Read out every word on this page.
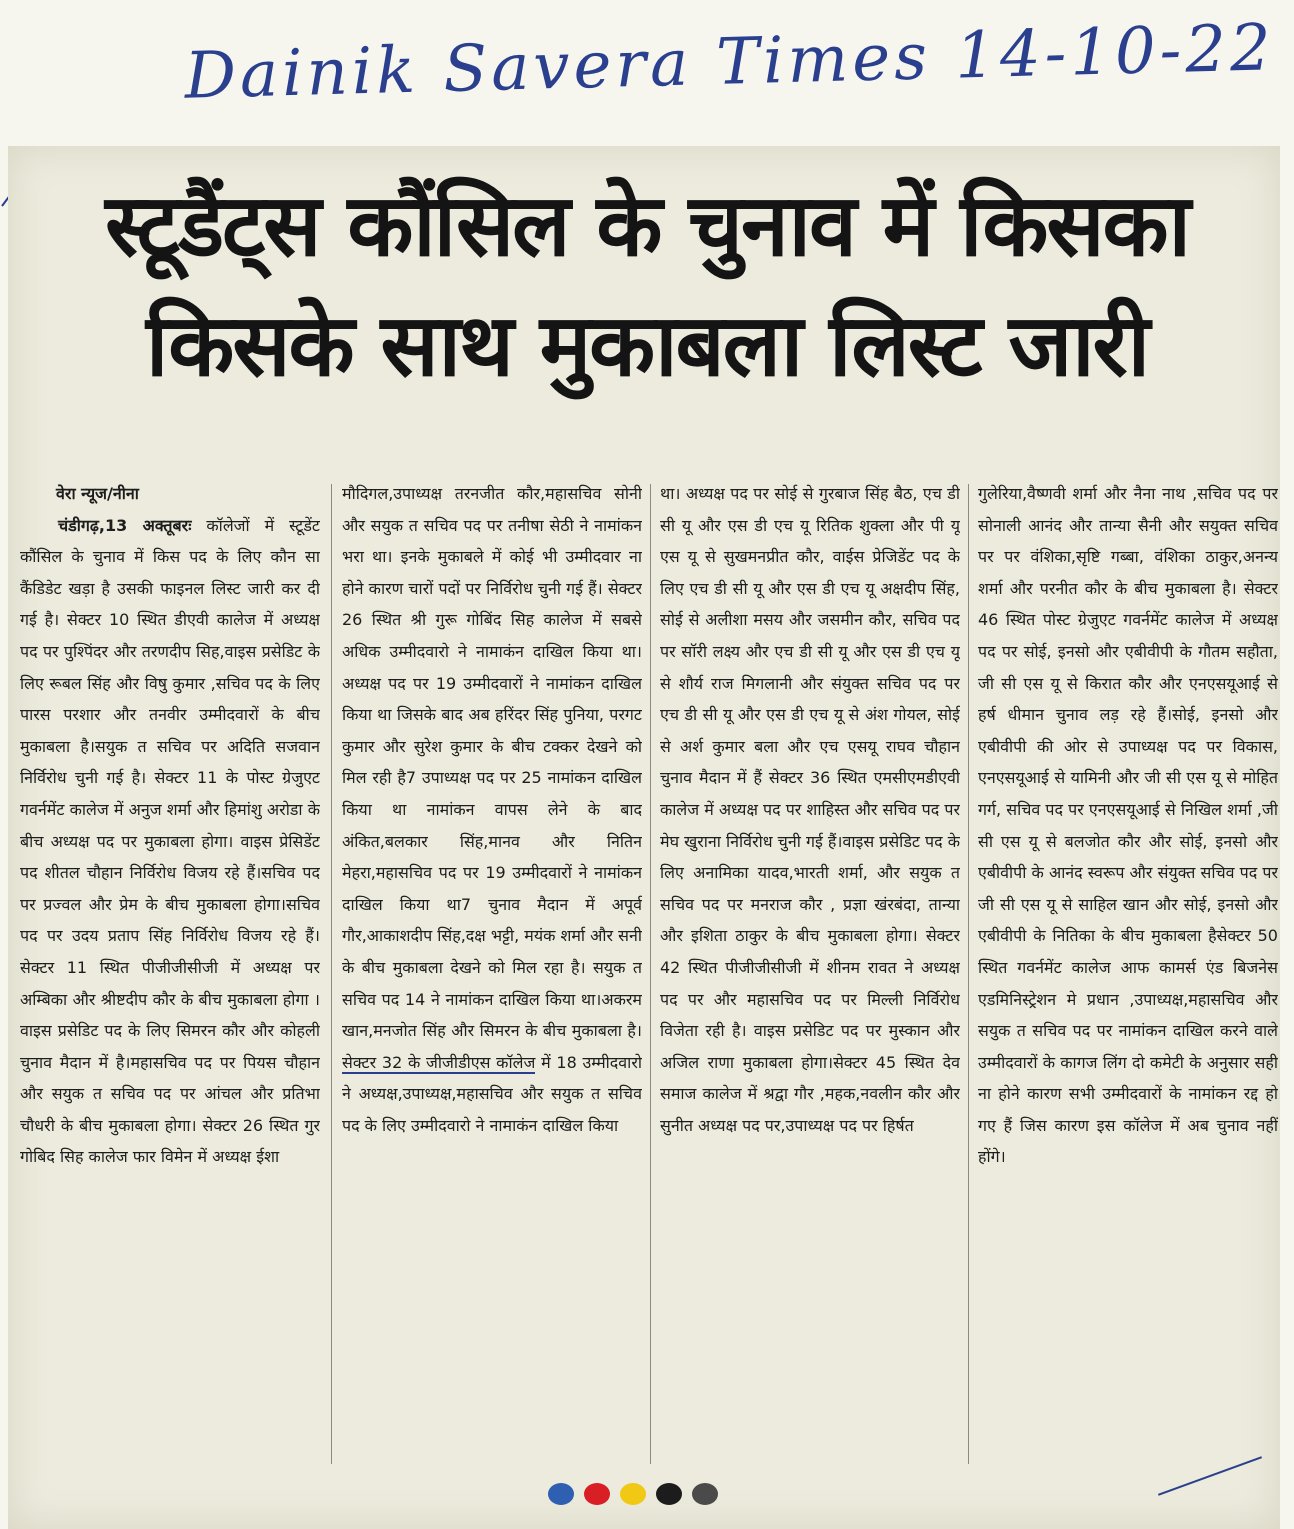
Dainik Savera Times 14-10-22
स्टूडैंट्स कौंसिल के चुनाव में किसका
किसके साथ मुकाबला लिस्ट जारी
वेरा न्यूज/नीना
चंडीगढ़,13 अक्तूबरः कॉलेजों में स्टूडेंट कौंसिल के चुनाव में किस पद के लिए कौन सा कैंडिडेट खड़ा है उसकी फाइनल लिस्ट जारी कर दी गई है। सेक्टर 10 स्थित डीएवी कालेज में अध्यक्ष पद पर पुश्पिंदर और तरणदीप सिह,वाइस प्रसेडिट के लिए रूबल सिंह और विषु कुमार ,सचिव पद के लिए पारस परशार और तनवीर उम्मीदवारों के बीच मुकाबला है।सयुक त सचिव पर अदिति सजवान निर्विरोध चुनी गई है। सेक्टर 11 के पोस्ट ग्रेजुएट गवर्नमेंट कालेज में अनुज शर्मा और हिमांशु अरोडा के बीच अध्यक्ष पद पर मुकाबला होगा। वाइस प्रेसिडेंट पद शीतल चौहान निर्विरोध विजय रहे हैं।सचिव पद पर प्रज्वल और प्रेम के बीच मुकाबला होगा।सचिव पद पर उदय प्रताप सिंह निर्विरोध विजय रहे हैं। सेक्टर 11 स्थित पीजीजीसीजी में अध्यक्ष पर अम्बिका और श्रीष्टदीप कौर के बीच मुकाबला होगा । वाइस प्रसेडिट पद के लिए सिमरन कौर और कोहली चुनाव मैदान में है।महासचिव पद पर पियस चौहान और सयुक त सचिव पद पर आंचल और प्रतिभा चौधरी के बीच मुकाबला होगा। सेक्टर 26 स्थित गुर गोबिद सिह कालेज फार विमेन में अध्यक्ष ईशा
मौदिगल,उपाध्यक्ष तरनजीत कौर,महासचिव सोनी और सयुक त सचिव पद पर तनीषा सेठी ने नामांकन भरा था। इनके मुकाबले में कोई भी उम्मीदवार ना होने कारण चारों पदों पर निर्विरोध चुनी गई हैं। सेक्टर 26 स्थित श्री गुरू गोबिंद सिह कालेज में सबसे अधिक उम्मीदवारो ने नामाकंन दाखिल किया था। अध्यक्ष पद पर 19 उम्मीदवारों ने नामांकन दाखिल किया था जिसके बाद अब हरिंदर सिंह पुनिया, परगट कुमार और सुरेश कुमार के बीच टक्कर देखने को मिल रही है7 उपाध्यक्ष पद पर 25 नामांकन दाखिल किया था नामांकन वापस लेने के बाद अंकित,बलकार सिंह,मानव और नितिन मेहरा,महासचिव पद पर 19 उम्मीदवारों ने नामांकन दाखिल किया था7 चुनाव मैदान में अपूर्व गौर,आकाशदीप सिंह,दक्ष भट्टी, मयंक शर्मा और सनी के बीच मुकाबला देखने को मिल रहा है। सयुक त सचिव पद 14 ने नामांकन दाखिल किया था।अकरम खान,मनजोत सिंह और सिमरन के बीच मुकाबला है। सेक्टर 32 के जीजीडीएस कॉलेज में 18 उम्मीदवारो ने अध्यक्ष,उपाध्यक्ष,महासचिव और सयुक त सचिव पद के लिए उम्मीदवारो ने नामाकंन दाखिल किया
था। अध्यक्ष पद पर सोई से गुरबाज सिंह बैठ, एच डी सी यू और एस डी एच यू रितिक शुक्ला और पी यू एस यू से सुखमनप्रीत कौर, वाईस प्रेजिडेंट पद के लिए एच डी सी यू और एस डी एच यू अक्षदीप सिंह, सोई से अलीशा मसय और जसमीन कौर, सचिव पद पर सॉरी लक्ष्य और एच डी सी यू और एस डी एच यू से शौर्य राज मिगलानी और संयुक्त सचिव पद पर एच डी सी यू और एस डी एच यू से अंश गोयल, सोई से अर्श कुमार बला और एच एसयू राघव चौहान चुनाव मैदान में हैं सेक्टर 36 स्थित एमसीएमडीएवी कालेज में अध्यक्ष पद पर शाहिस्त और सचिव पद पर मेघ खुराना निर्विरोध चुनी गई हैं।वाइस प्रसेडिट पद के लिए अनामिका यादव,भारती शर्मा, और सयुक त सचिव पद पर मनराज कौर , प्रज्ञा खंरबंदा, तान्या और इशिता ठाकुर के बीच मुकाबला होगा। सेक्टर 42 स्थित पीजीजीसीजी में शीनम रावत ने अध्यक्ष पद पर और महासचिव पद पर मिल्ली निर्विरोध विजेता रही है। वाइस प्रसेडिट पद पर मुस्कान और अजिल राणा मुकाबला होगा।सेक्टर 45 स्थित देव समाज कालेज में श्रद्वा गौर ,महक,नवलीन कौर और सुनीत अध्यक्ष पद पर,उपाध्यक्ष पद पर हिर्षत
गुलेरिया,वैष्णवी शर्मा और नैना नाथ ,सचिव पद पर सोनाली आनंद और तान्या सैनी और सयुक्त सचिव पर पर वंशिका,सृष्टि गब्बा, वंशिका ठाकुर,अनन्य शर्मा और परनीत कौर के बीच मुकाबला है। सेक्टर 46 स्थित पोस्ट ग्रेजुएट गवर्नमेंट कालेज में अध्यक्ष पद पर सोई, इनसो और एबीवीपी के गौतम सहौता, जी सी एस यू से किरात कौर और एनएसयूआई से हर्ष धीमान चुनाव लड़ रहे हैं।सोई, इनसो और एबीवीपी की ओर से उपाध्यक्ष पद पर विकास, एनएसयूआई से यामिनी और जी सी एस यू से मोहित गर्ग, सचिव पद पर एनएसयूआई से निखिल शर्मा ,जी सी एस यू से बलजोत कौर और सोई, इनसो और एबीवीपी के आनंद स्वरूप और संयुक्त सचिव पद पर जी सी एस यू से साहिल खान और सोई, इनसो और एबीवीपी के नितिका के बीच मुकाबला हैसेक्टर 50 स्थित गवर्नमेंट कालेज आफ कामर्स एंड बिजनेस एडमिनिस्ट्रेशन मे प्रधान ,उपाध्यक्ष,महासचिव और सयुक त सचिव पद पर नामांकन दाखिल करने वाले उम्मीदवारों के कागज लिंग दो कमेटी के अनुसार सही ना होने कारण सभी उम्मीदवारों के नामांकन रद्द हो गए हैं जिस कारण इस कॉलेज में अब चुनाव नहीं होंगे।
